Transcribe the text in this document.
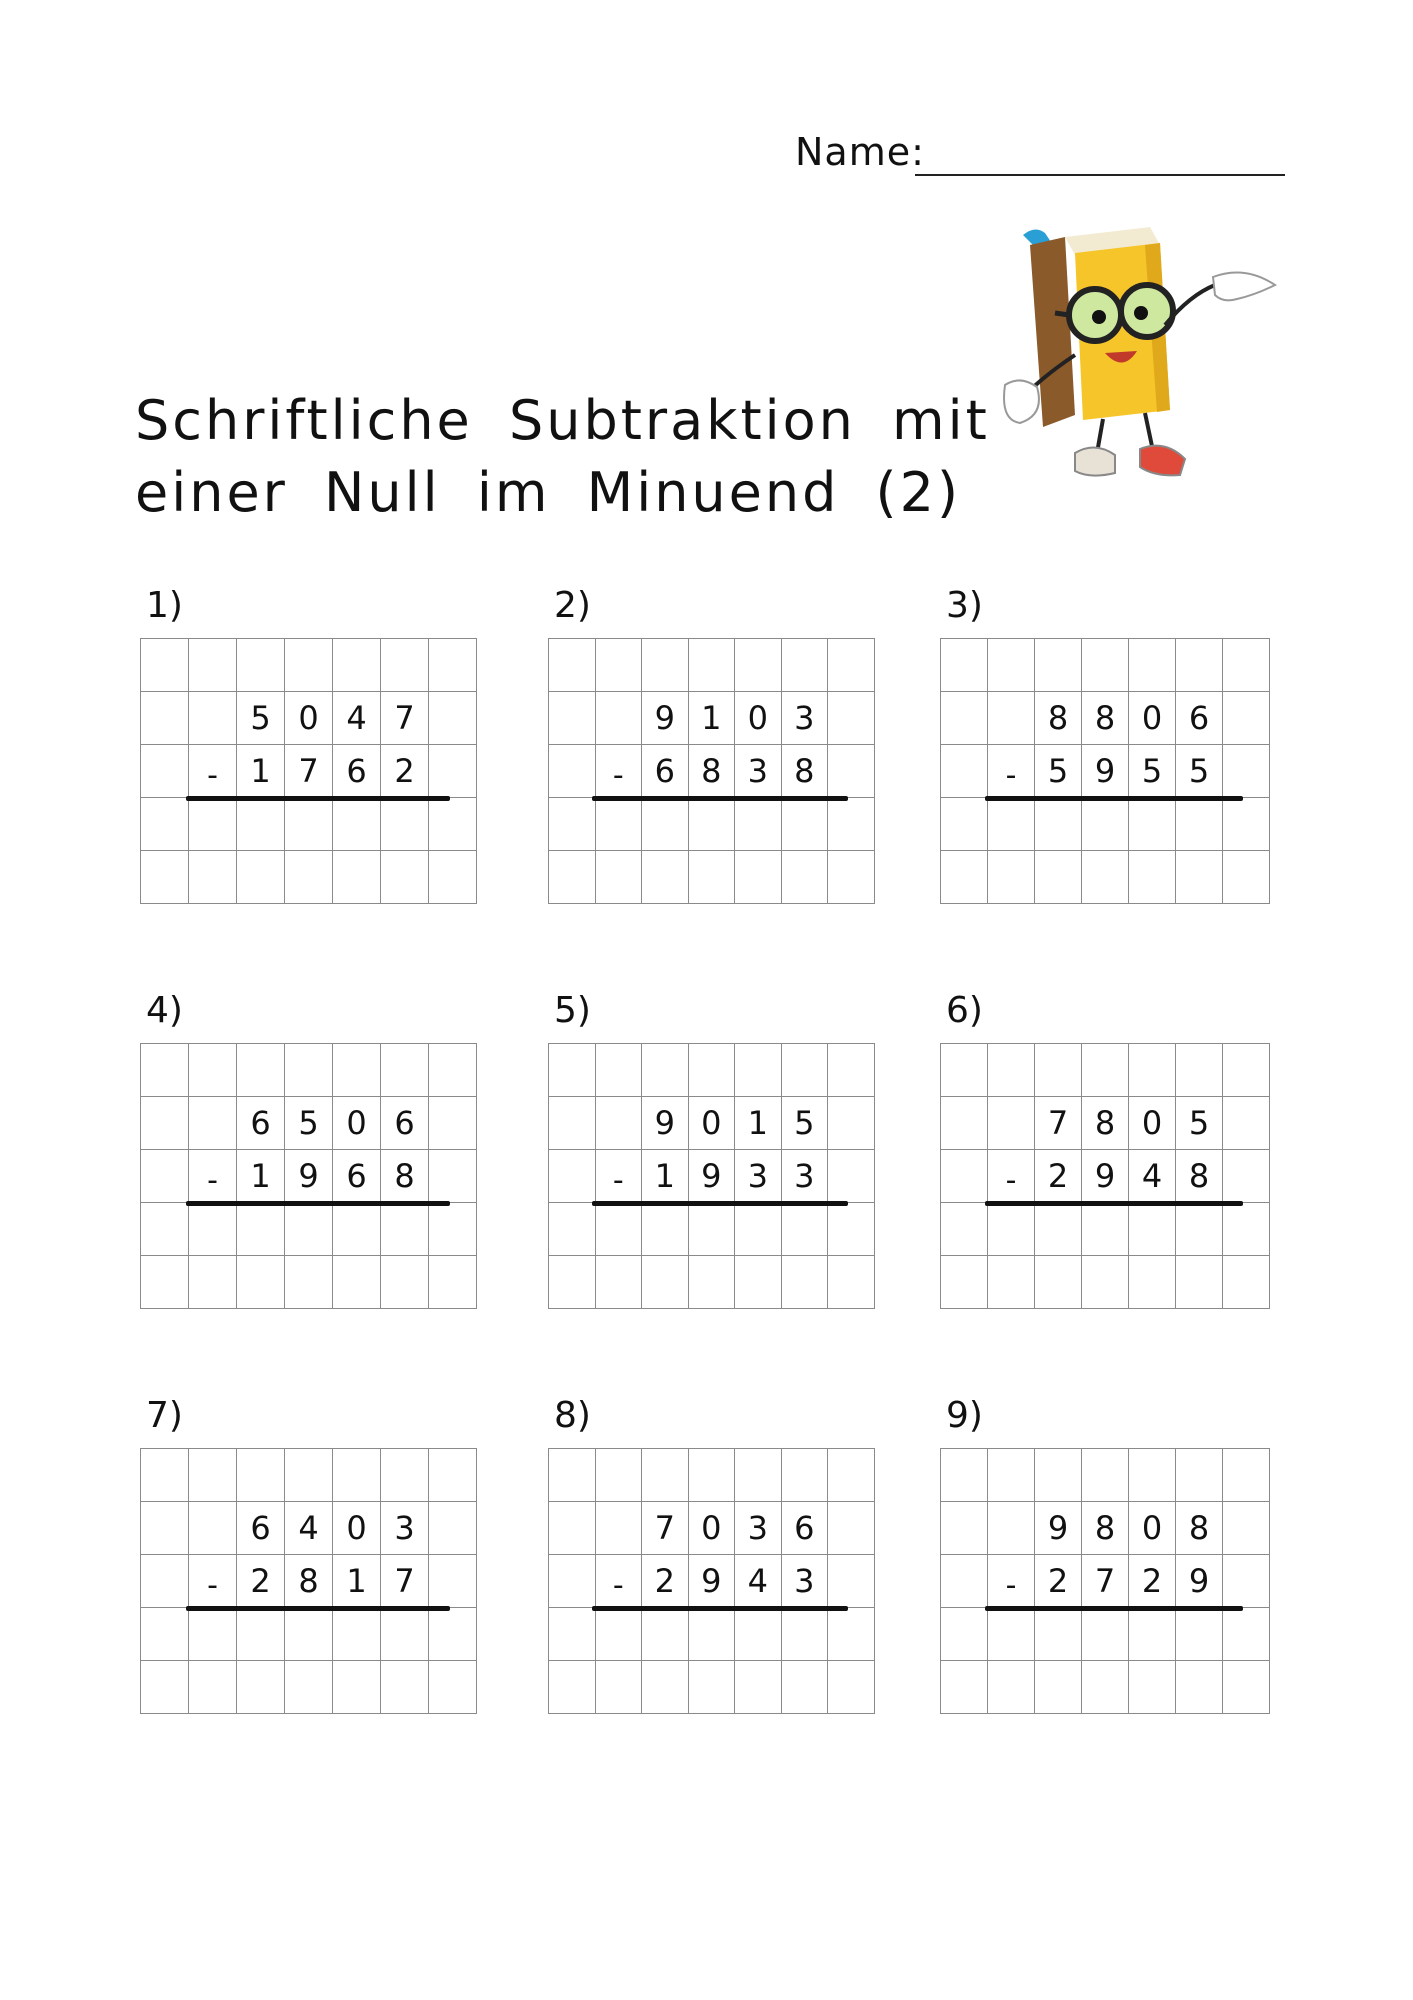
Name:
Schriftliche Subtraktion mit
einer Null im Minuend (2)
1)
5 0 4 7
-	1 7 6 2
2)
9 1 0 3
- 6 8 3 8
3)
8 8 0 6
- 5 9 5 5
4)
6 5 0 6
-	1 9 6 8
5)
9 0 1 5
- 1 9 3 3
6)
7 8 0 5
- 2 9 4 8
7)
6 4 0 3
-	2 8 1 7
8)
7 0 3 6
- 2 9 4 3
9)
9 8 0 8
- 2 7 2 9
